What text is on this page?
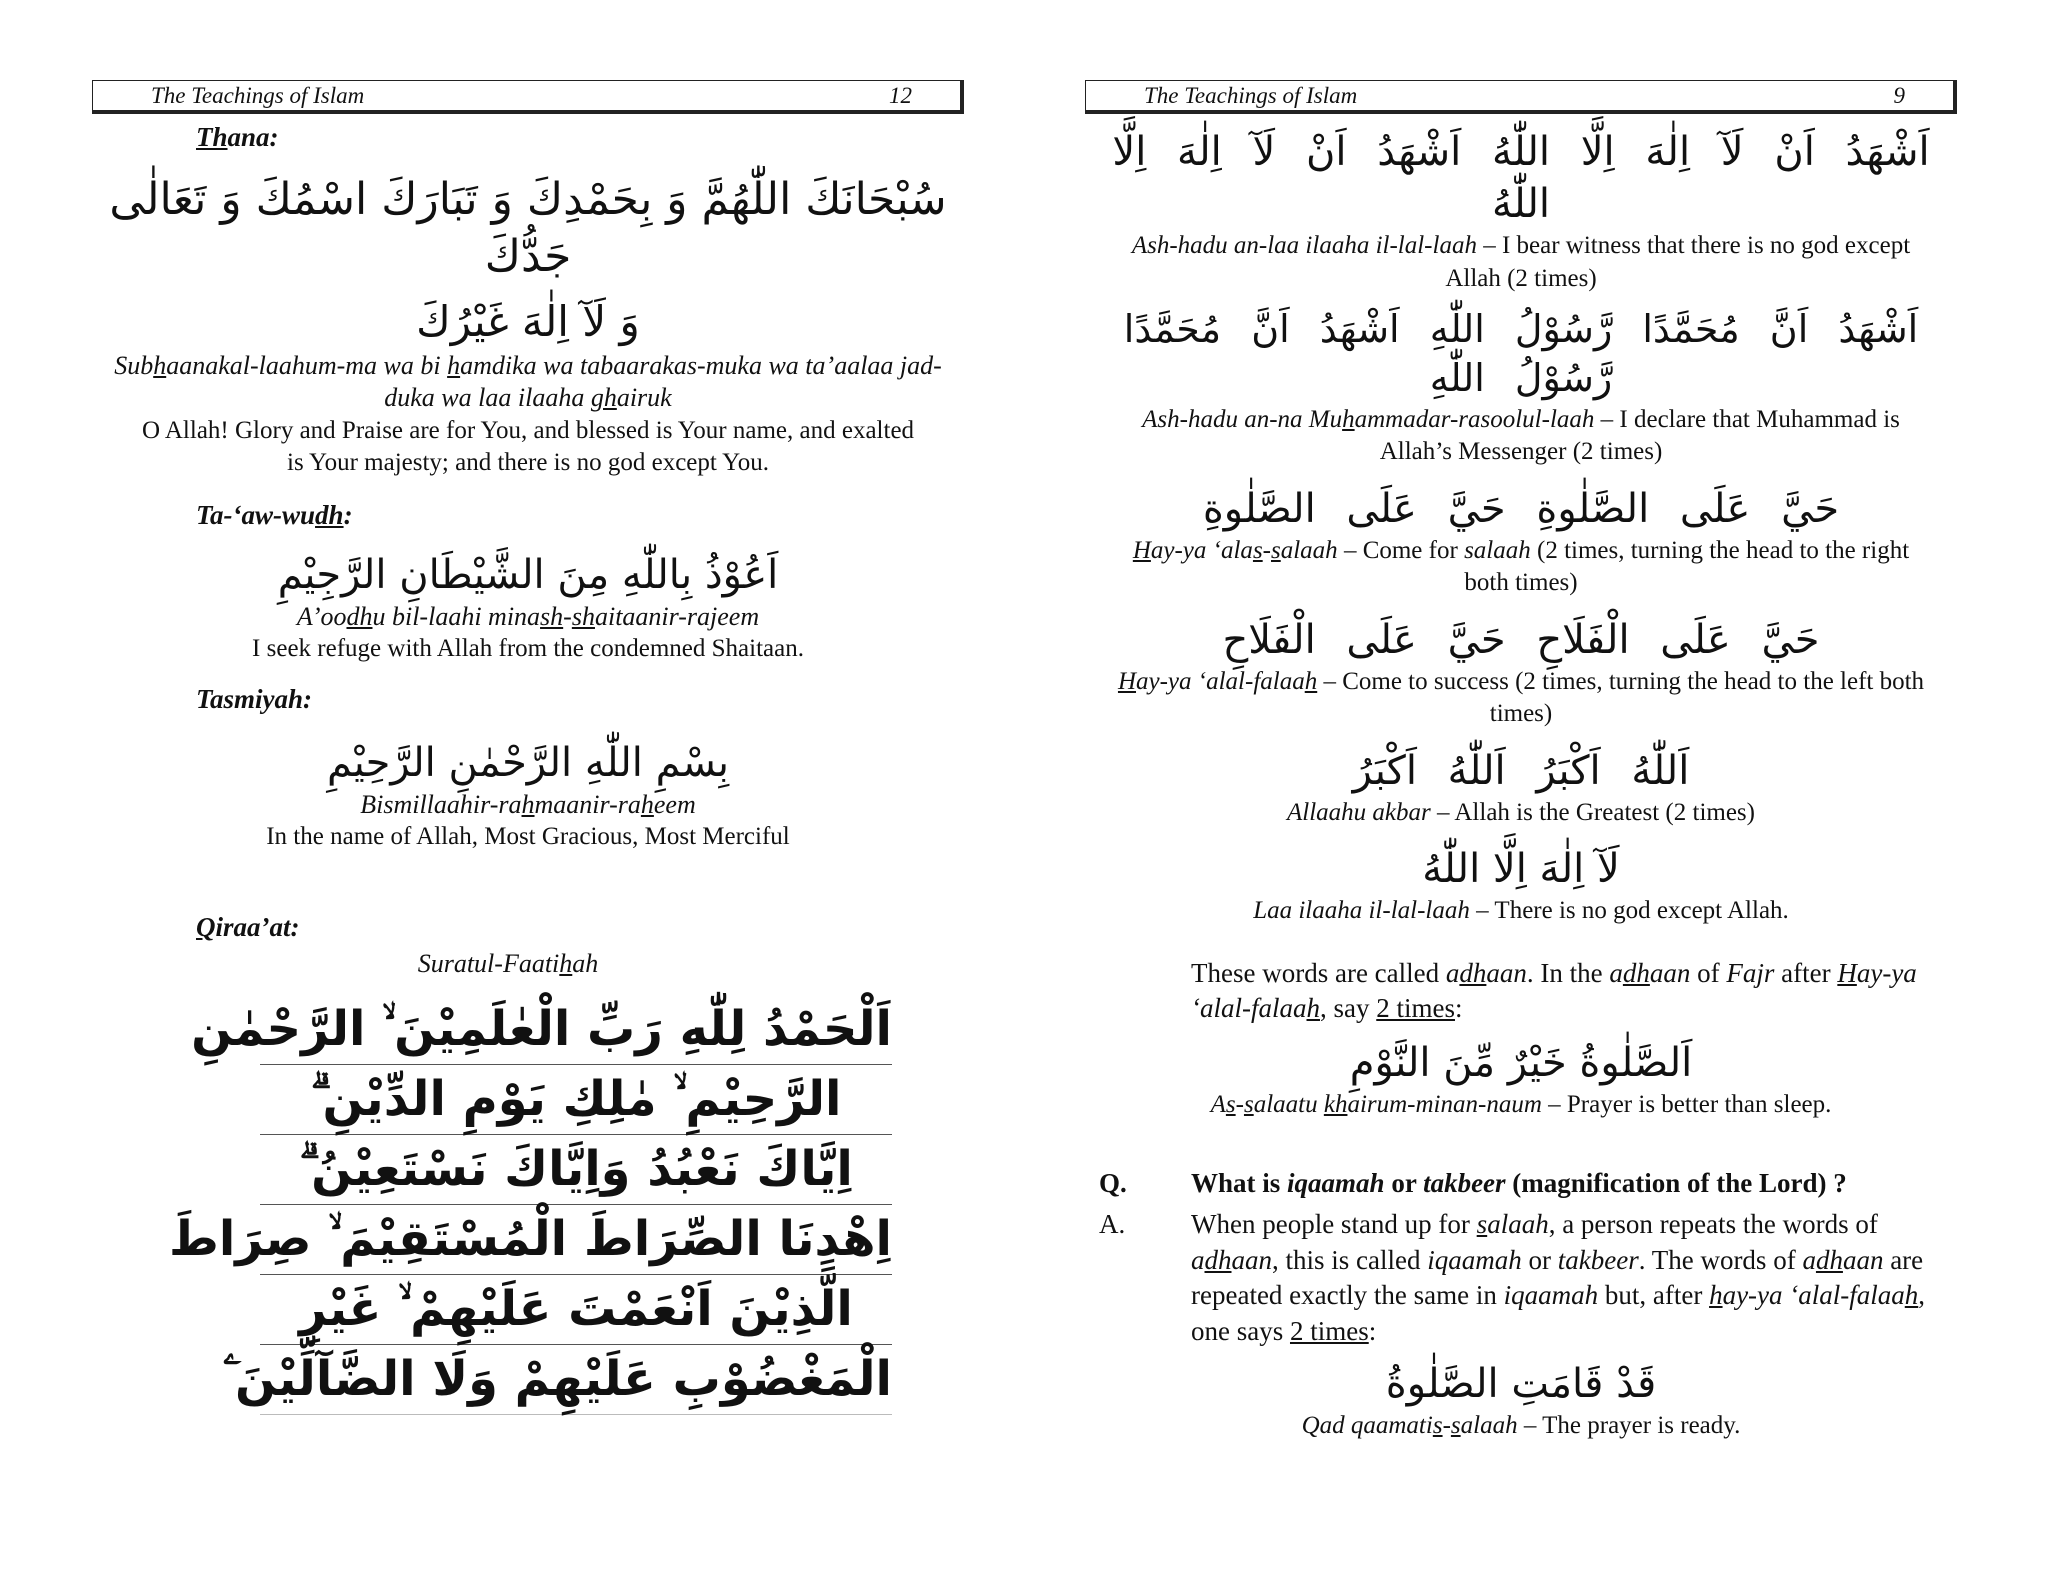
The Teachings of Islam	12

Thana:

سُبْحَانَكَ اللّٰهُمَّ وَ بِحَمْدِكَ وَ تَبَارَكَ اسْمُكَ وَ تَعَالٰى جَدُّكَ

وَ لَآ اِلٰهَ غَيْرُكَ

Subhaanakal-laahum-ma wa bi hamdika wa tabaarakas-muka wa ta’aalaa jad-duka wa laa ilaaha ghairuk

O Allah! Glory and Praise are for You, and blessed is Your name, and exalted is Your majesty; and there is no god except You.

Ta-‘aw-wudh:

اَعُوْذُ بِاللّٰهِ مِنَ الشَّيْطَانِ الرَّجِيْمِ

A’oodhu bil-laahi minash-shaitaanir-rajeem

I seek refuge with Allah from the condemned Shaitaan.

Tasmiyah:

بِسْمِ اللّٰهِ الرَّحْمٰنِ الرَّحِيْمِ

Bismillaahir-rahmaanir-raheem

In the name of Allah, Most Gracious, Most Merciful

Qiraa’at:

Suratul-Faatihah

اَلْحَمْدُ لِلّٰهِ رَبِّ الْعٰلَمِيْنَ ۙ الرَّحْمٰنِ
الرَّحِيْمِ ۙ مٰلِكِ يَوْمِ الدِّيْنِ ۗ
اِيَّاكَ نَعْبُدُ وَاِيَّاكَ نَسْتَعِيْنُ ۗ
اِهْدِنَا الصِّرَاطَ الْمُسْتَقِيْمَ ۙ صِرَاطَ
الَّذِيْنَ اَنْعَمْتَ عَلَيْهِمْ ۙ غَيْرِ
الْمَغْضُوْبِ عَلَيْهِمْ وَلَا الضَّآلِّيْنَ ۧ
The Teachings of Islam	9

اَشْهَدُ اَنْ لَآ اِلٰهَ اِلَّا اللّٰهُ اَشْهَدُ اَنْ لَآ اِلٰهَ اِلَّا اللّٰهُ

Ash-hadu an-laa ilaaha il-lal-laah – I bear witness that there is no god except Allah (2 times)

اَشْهَدُ اَنَّ مُحَمَّدًا رَّسُوْلُ اللّٰهِ اَشْهَدُ اَنَّ مُحَمَّدًا رَّسُوْلُ اللّٰهِ

Ash-hadu an-na Muhammadar-rasoolul-laah – I declare that Muhammad is Allah’s Messenger (2 times)

حَيَّ عَلَى الصَّلٰوةِ حَيَّ عَلَى الصَّلٰوةِ

Hay-ya ‘alas-salaah – Come for salaah (2 times, turning the head to the right both times)

حَيَّ عَلَى الْفَلَاحِ حَيَّ عَلَى الْفَلَاحِ

Hay-ya ‘alal-falaah – Come to success (2 times, turning the head to the left both times)

اَللّٰهُ اَكْبَرُ اَللّٰهُ اَكْبَرُ

Allaahu akbar – Allah is the Greatest (2 times)

لَآ اِلٰهَ اِلَّا اللّٰهُ

Laa ilaaha il-lal-laah – There is no god except Allah.

These words are called adhaan. In the adhaan of Fajr after Hay-ya ‘alal-falaah, say 2 times:

اَلصَّلٰوةُ خَيْرٌ مِّنَ النَّوْمِ

As-salaatu khairum-minan-naum – Prayer is better than sleep.

Q.	What is iqaamah or takbeer (magnification of the Lord) ?
A.	When people stand up for salaah, a person repeats the words of adhaan, this is called iqaamah or takbeer. The words of adhaan are repeated exactly the same in iqaamah but, after hay-ya ‘alal-falaah, one says 2 times:

قَدْ قَامَتِ الصَّلٰوةُ

Qad qaamatis-salaah – The prayer is ready.
